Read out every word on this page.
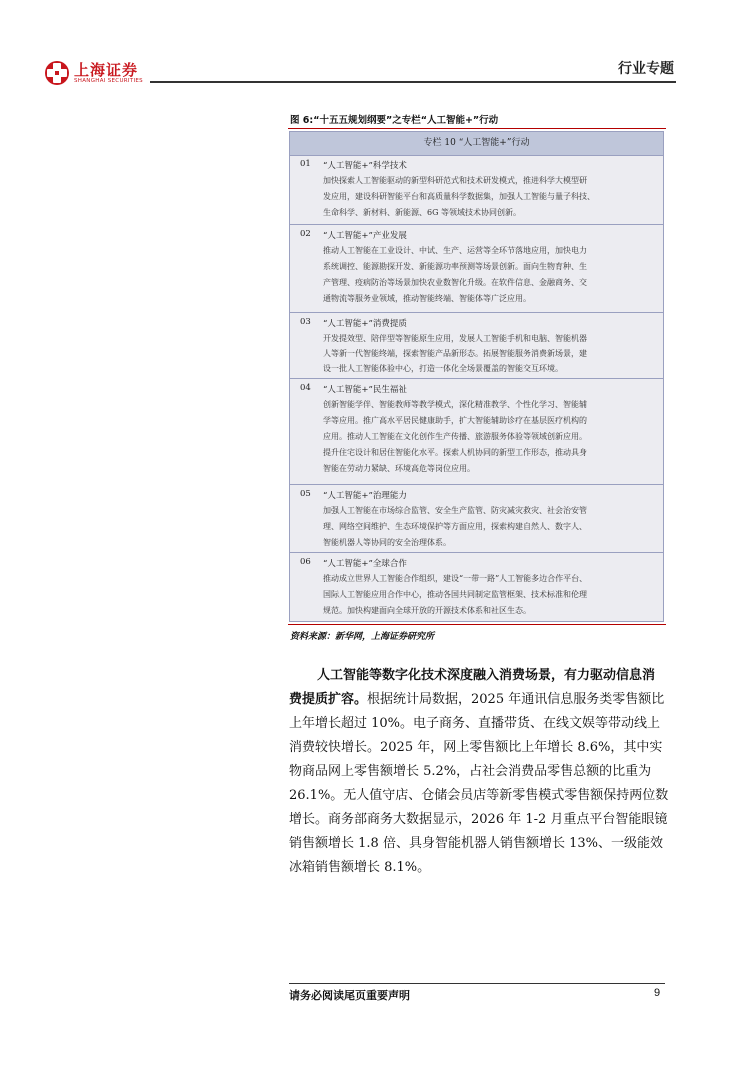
上海证券
SHANGHAI SECURITIES
行业专题
图 6:“十五五规划纲要”之专栏“人工智能+”行动
专栏 10 “人工智能+”行动
01 “人工智能+”科学技术
加快探索人工智能驱动的新型科研范式和技术研发模式，推进科学大模型研
发应用，建设科研智能平台和高质量科学数据集，加强人工智能与量子科技、
生命科学、新材料、新能源、6G 等领域技术协同创新。
02 “人工智能+”产业发展
推动人工智能在工业设计、中试、生产、运营等全环节落地应用，加快电力
系统调控、能源勘探开发、新能源功率预测等场景创新。面向生物育种、生
产管理、疫病防治等场景加快农业数智化升级。在软件信息、金融商务、交
通物流等服务业领域，推动智能终端、智能体等广泛应用。
03 “人工智能+”消费提质
开发提效型、陪伴型等智能原生应用，发展人工智能手机和电脑、智能机器
人等新一代智能终端，探索智能产品新形态。拓展智能服务消费新场景，建
设一批人工智能体验中心，打造一体化全场景覆盖的智能交互环境。
04 “人工智能+”民生福祉
创新智能学伴、智能教师等教学模式，深化精准教学、个性化学习、智能辅
学等应用。推广高水平居民健康助手，扩大智能辅助诊疗在基层医疗机构的
应用。推动人工智能在文化创作生产传播、旅游服务体验等领域创新应用。
提升住宅设计和居住智能化水平。探索人机协同的新型工作形态，推动具身
智能在劳动力紧缺、环境高危等岗位应用。
05 “人工智能+”治理能力
加强人工智能在市场综合监管、安全生产监管、防灾减灾救灾、社会治安管
理、网络空间维护、生态环境保护等方面应用，探索构建自然人、数字人、
智能机器人等协同的安全治理体系。
06 “人工智能+”全球合作
推动成立世界人工智能合作组织，建设“一带一路”人工智能多边合作平台、
国际人工智能应用合作中心，推动各国共同制定监管框架、技术标准和伦理
规范。加快构建面向全球开放的开源技术体系和社区生态。
资料来源：新华网，上海证券研究所
人工智能等数字化技术深度融入消费场景，有力驱动信息消
费提质扩容。根据统计局数据，2025 年通讯信息服务类零售额比
上年增长超过 10%。电子商务、直播带货、在线文娱等带动线上
消费较快增长。2025 年，网上零售额比上年增长 8.6%，其中实
物商品网上零售额增长 5.2%，占社会消费品零售总额的比重为
26.1%。无人值守店、仓储会员店等新零售模式零售额保持两位数
增长。商务部商务大数据显示，2026 年 1-2 月重点平台智能眼镜
销售额增长 1.8 倍、具身智能机器人销售额增长 13%、一级能效
冰箱销售额增长 8.1%。
请务必阅读尾页重要声明	9
